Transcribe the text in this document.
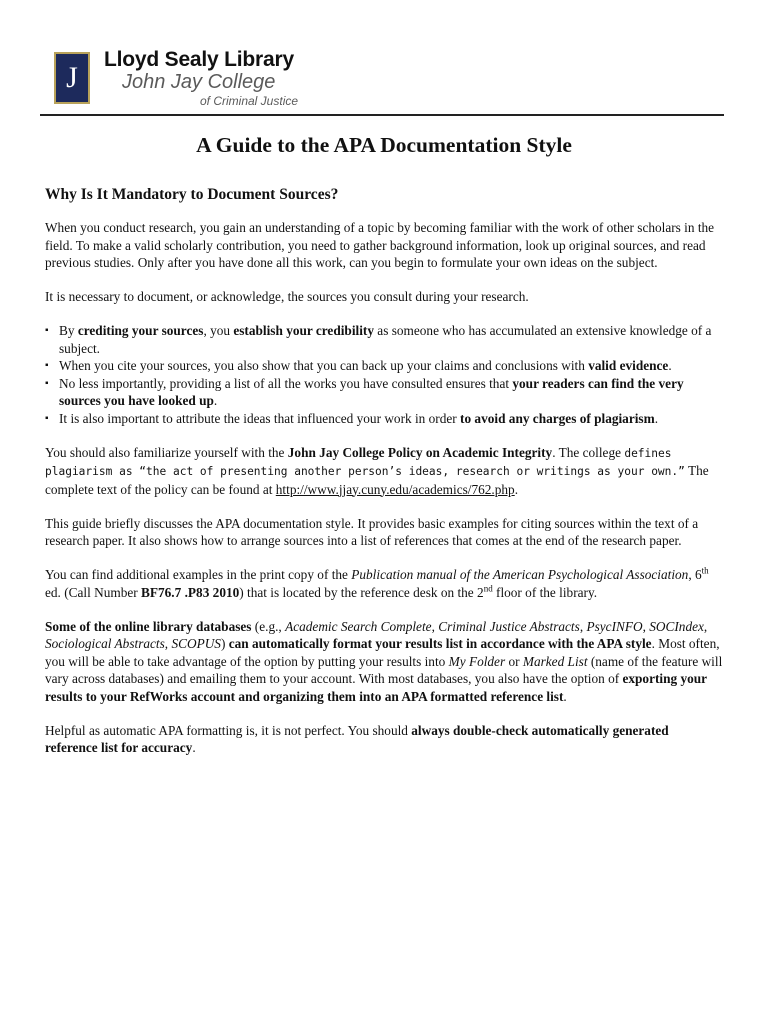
J
Lloyd Sealy Library
John Jay College
of Criminal Justice
A Guide to the APA Documentation Style
Why Is It Mandatory to Document Sources?

When you conduct research, you gain an understanding of a topic by becoming familiar with the work of other scholars in the field. To make a valid scholarly contribution, you need to gather background information, look up original sources, and read previous studies. Only after you have done all this work, can you begin to formulate your own ideas on the subject.

It is necessary to document, or acknowledge, the sources you consult during your research.

▪ By crediting your sources, you establish your credibility as someone who has accumulated an extensive knowledge of a subject.
▪ When you cite your sources, you also show that you can back up your claims and conclusions with valid evidence.
▪ No less importantly, providing a list of all the works you have consulted ensures that your readers can find the very sources you have looked up.
▪ It is also important to attribute the ideas that influenced your work in order to avoid any charges of plagiarism.

You should also familiarize yourself with the John Jay College Policy on Academic Integrity. The college defines plagiarism as “the act of presenting another person’s ideas, research or writings as your own.” The complete text of the policy can be found at http://www.jjay.cuny.edu/academics/762.php.

This guide briefly discusses the APA documentation style. It provides basic examples for citing sources within the text of a research paper. It also shows how to arrange sources into a list of references that comes at the end of the research paper.

You can find additional examples in the print copy of the Publication manual of the American Psychological Association, 6th ed. (Call Number BF76.7 .P83 2010) that is located by the reference desk on the 2nd floor of the library.

Some of the online library databases (e.g., Academic Search Complete, Criminal Justice Abstracts, PsycINFO, SOCIndex, Sociological Abstracts, SCOPUS) can automatically format your results list in accordance with the APA style. Most often, you will be able to take advantage of the option by putting your results into My Folder or Marked List (name of the feature will vary across databases) and emailing them to your account. With most databases, you also have the option of exporting your results to your RefWorks account and organizing them into an APA formatted reference list.

Helpful as automatic APA formatting is, it is not perfect. You should always double-check automatically generated reference list for accuracy.
